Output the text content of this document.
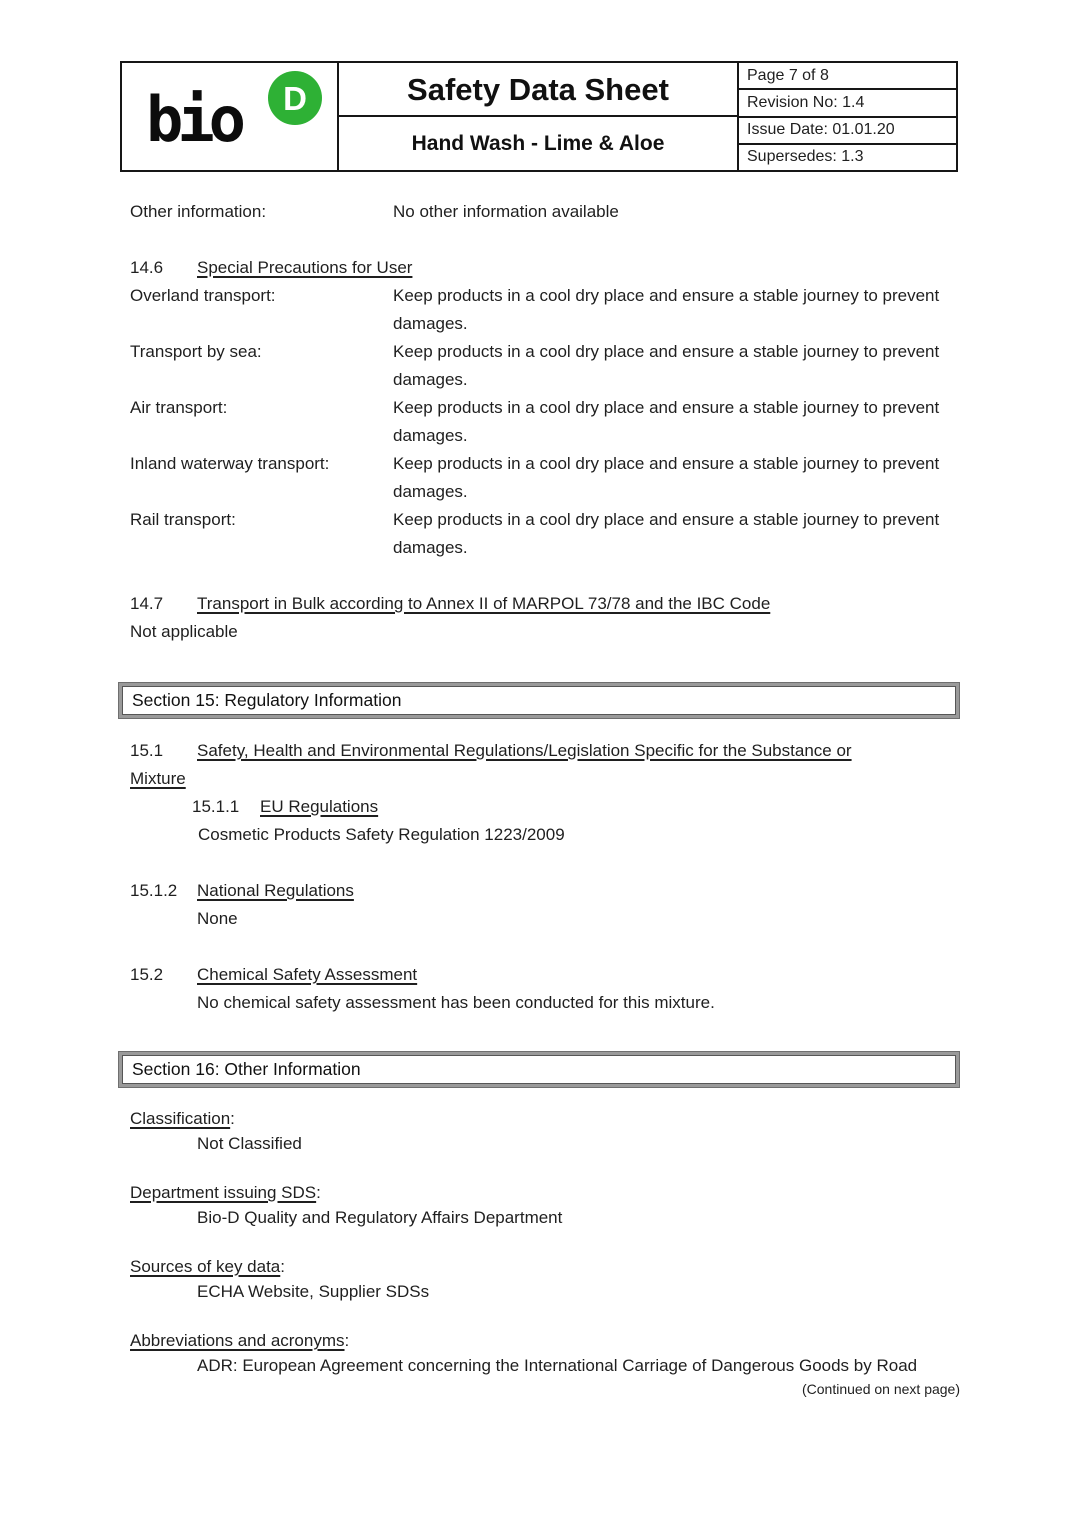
bio D	Safety Data Sheet
Hand Wash - Lime & Aloe
Page 7 of 8
Revision No: 1.4
Issue Date: 01.01.20
Supersedes: 1.3
Other information:	No other information available
14.6	Special Precautions for User
Overland transport:	Keep products in a cool dry place and ensure a stable journey to prevent damages.
Transport by sea:	Keep products in a cool dry place and ensure a stable journey to prevent damages.
Air transport:	Keep products in a cool dry place and ensure a stable journey to prevent damages.
Inland waterway transport:	Keep products in a cool dry place and ensure a stable journey to prevent damages.
Rail transport:	Keep products in a cool dry place and ensure a stable journey to prevent damages.
14.7	Transport in Bulk according to Annex II of MARPOL 73/78 and the IBC Code
Not applicable
Section 15: Regulatory Information
15.1 Safety, Health and Environmental Regulations/Legislation Specific for the Substance or Mixture
15.1.1	EU Regulations
Cosmetic Products Safety Regulation 1223/2009
15.1.2	National Regulations
None
15.2	Chemical Safety Assessment
No chemical safety assessment has been conducted for this mixture.
Section 16: Other Information
Classification:
Not Classified
Department issuing SDS:
Bio-D Quality and Regulatory Affairs Department
Sources of key data:
ECHA Website, Supplier SDSs
Abbreviations and acronyms:
ADR: European Agreement concerning the International Carriage of Dangerous Goods by Road
(Continued on next page)
